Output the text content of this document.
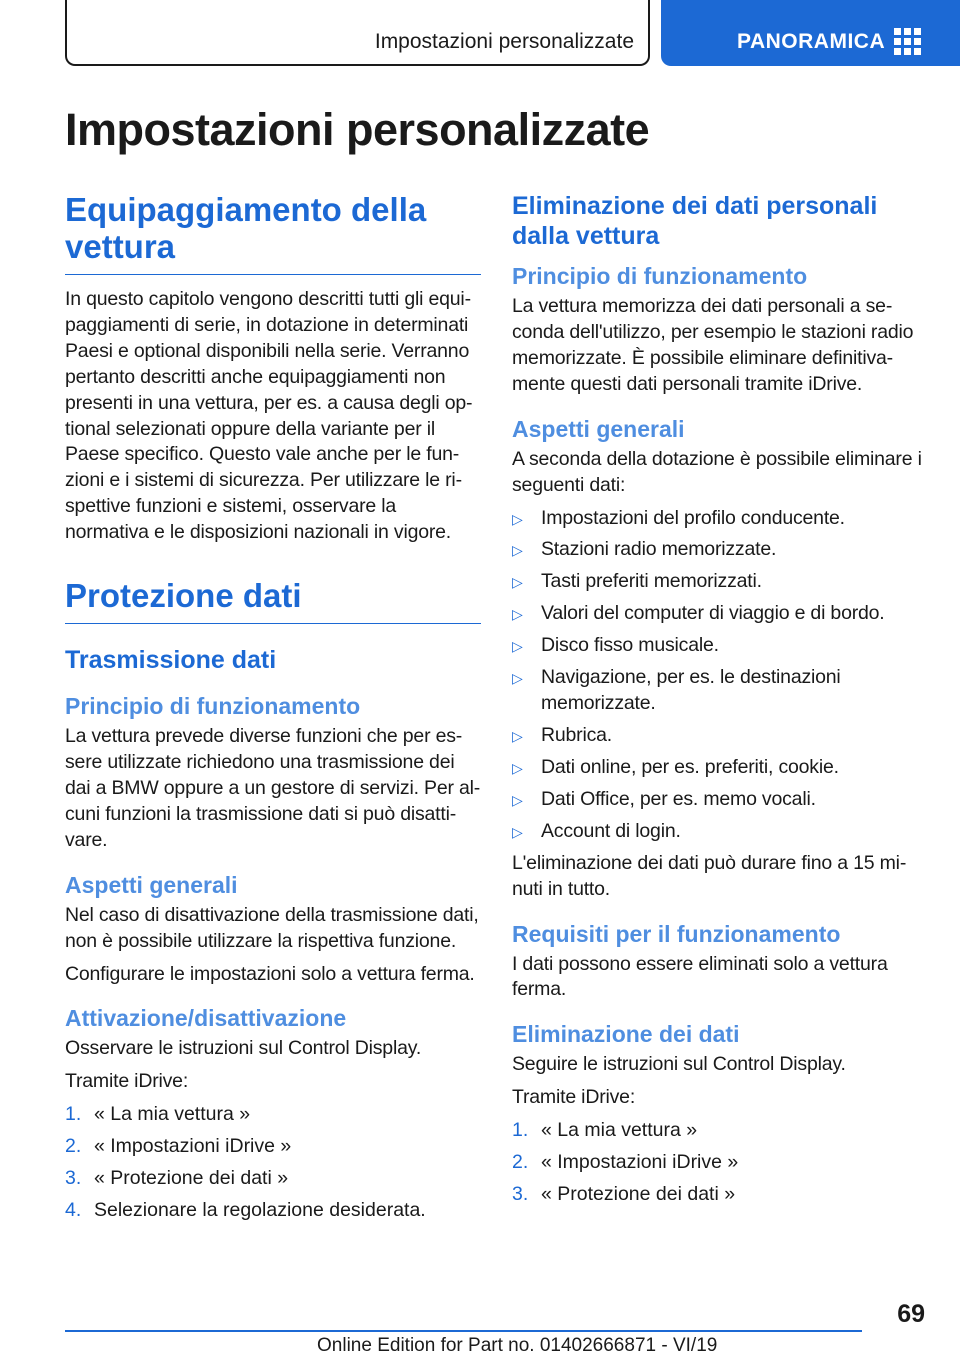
Impostazioni personalizzate	PANORAMICA
Impostazioni personalizzate
Equipaggiamento della vettura

In questo capitolo vengono descritti tutti gli equipaggiamenti di serie, in dotazione in determinati Paesi e optional disponibili nella serie. Verranno pertanto descritti anche equipaggiamenti non presenti in una vettura, per es. a causa degli optional selezionati oppure della variante per il Paese specifico. Questo vale anche per le funzioni e i sistemi di sicurezza. Per utilizzare le rispettive funzioni e sistemi, osservare la normativa e le disposizioni nazionali in vigore.

Protezione dati
Trasmissione dati
Principio di funzionamento

La vettura prevede diverse funzioni che per essere utilizzate richiedono una trasmissione dei dai a BMW oppure a un gestore di servizi. Per alcuni funzioni la trasmissione dati si può disattivare.

Aspetti generali

Nel caso di disattivazione della trasmissione dati, non è possibile utilizzare la rispettiva funzione.

Configurare le impostazioni solo a vettura ferma.

Attivazione/disattivazione

Osservare le istruzioni sul Control Display.

Tramite iDrive:

1. « La mia vettura »
2. « Impostazioni iDrive »
3. « Protezione dei dati »
4. Selezionare la regolazione desiderata.
Eliminazione dei dati personali dalla vettura
Principio di funzionamento

La vettura memorizza dei dati personali a seconda dell'utilizzo, per esempio le stazioni radio memorizzate. È possibile eliminare definitivamente questi dati personali tramite iDrive.

Aspetti generali

A seconda della dotazione è possibile eliminare i seguenti dati:

▷ Impostazioni del profilo conducente.
▷ Stazioni radio memorizzate.
▷ Tasti preferiti memorizzati.
▷ Valori del computer di viaggio e di bordo.
▷ Disco fisso musicale.
▷ Navigazione, per es. le destinazioni memorizzate.
▷ Rubrica.
▷ Dati online, per es. preferiti, cookie.
▷ Dati Office, per es. memo vocali.
▷ Account di login.

L'eliminazione dei dati può durare fino a 15 minuti in tutto.

Requisiti per il funzionamento

I dati possono essere eliminati solo a vettura ferma.

Eliminazione dei dati

Seguire le istruzioni sul Control Display.

Tramite iDrive:

1. « La mia vettura »
2. « Impostazioni iDrive »
3. « Protezione dei dati »
69
Online Edition for Part no. 01402666871 - VI/19
